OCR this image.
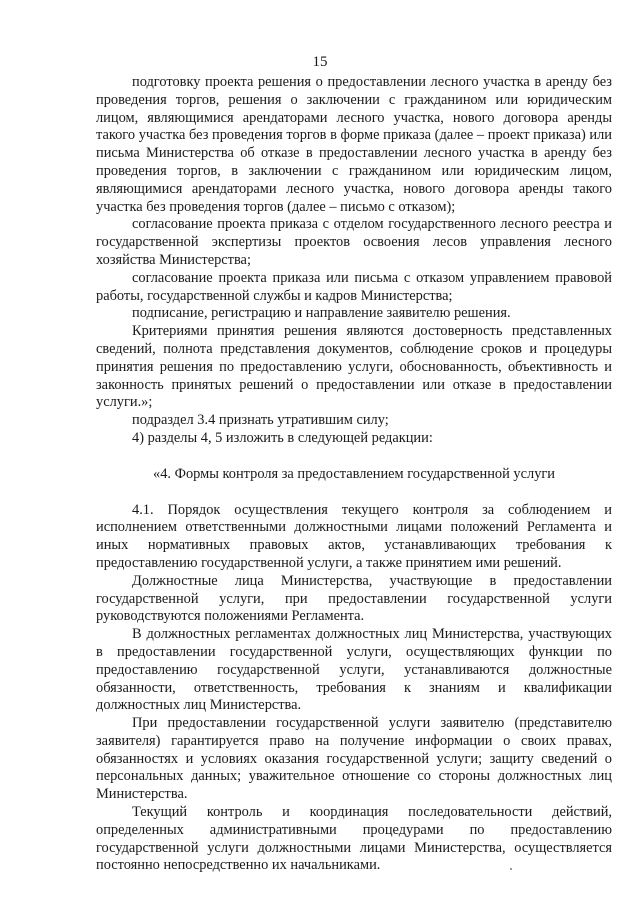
15

подготовку проекта решения о предоставлении лесного участка в аренду без проведения торгов, решения о заключении с гражданином или юридическим лицом, являющимися арендаторами лесного участка, нового договора аренды такого участка без проведения торгов в форме приказа (далее – проект приказа) или письма Министерства об отказе в предоставлении лесного участка в аренду без проведения торгов, в заключении с гражданином или юридическим лицом, являющимися арендаторами лесного участка, нового договора аренды такого участка без проведения торгов (далее – письмо с отказом);

согласование проекта приказа с отделом государственного лесного реестра и государственной экспертизы проектов освоения лесов управления лесного хозяйства Министерства;

согласование проекта приказа или письма с отказом управлением правовой работы, государственной службы и кадров Министерства;

подписание, регистрацию и направление заявителю решения.

Критериями принятия решения являются достоверность представленных сведений, полнота представления документов, соблюдение сроков и процедуры принятия решения по предоставлению услуги, обоснованность, объективность и законность принятых решений о предоставлении или отказе в предоставлении услуги.»;

подраздел 3.4 признать утратившим силу;

4) разделы 4, 5 изложить в следующей редакции:

«4. Формы контроля за предоставлением государственной услуги

4.1. Порядок осуществления текущего контроля за соблюдением и исполнением ответственными должностными лицами положений Регламента и иных нормативных правовых актов, устанавливающих требования к предоставлению государственной услуги, а также принятием ими решений.

Должностные лица Министерства, участвующие в предоставлении государственной услуги, при предоставлении государственной услуги руководствуются положениями Регламента.

В должностных регламентах должностных лиц Министерства, участвующих в предоставлении государственной услуги, осуществляющих функции по предоставлению государственной услуги, устанавливаются должностные обязанности, ответственность, требования к знаниям и квалификации должностных лиц Министерства.

При предоставлении государственной услуги заявителю (представителю заявителя) гарантируется право на получение информации о своих правах, обязанностях и условиях оказания государственной услуги; защиту сведений о персональных данных; уважительное отношение со стороны должностных лиц Министерства.

Текущий контроль и координация последовательности действий, определенных административными процедурами по предоставлению государственной услуги должностными лицами Министерства, осуществляется постоянно непосредственно их начальниками.
